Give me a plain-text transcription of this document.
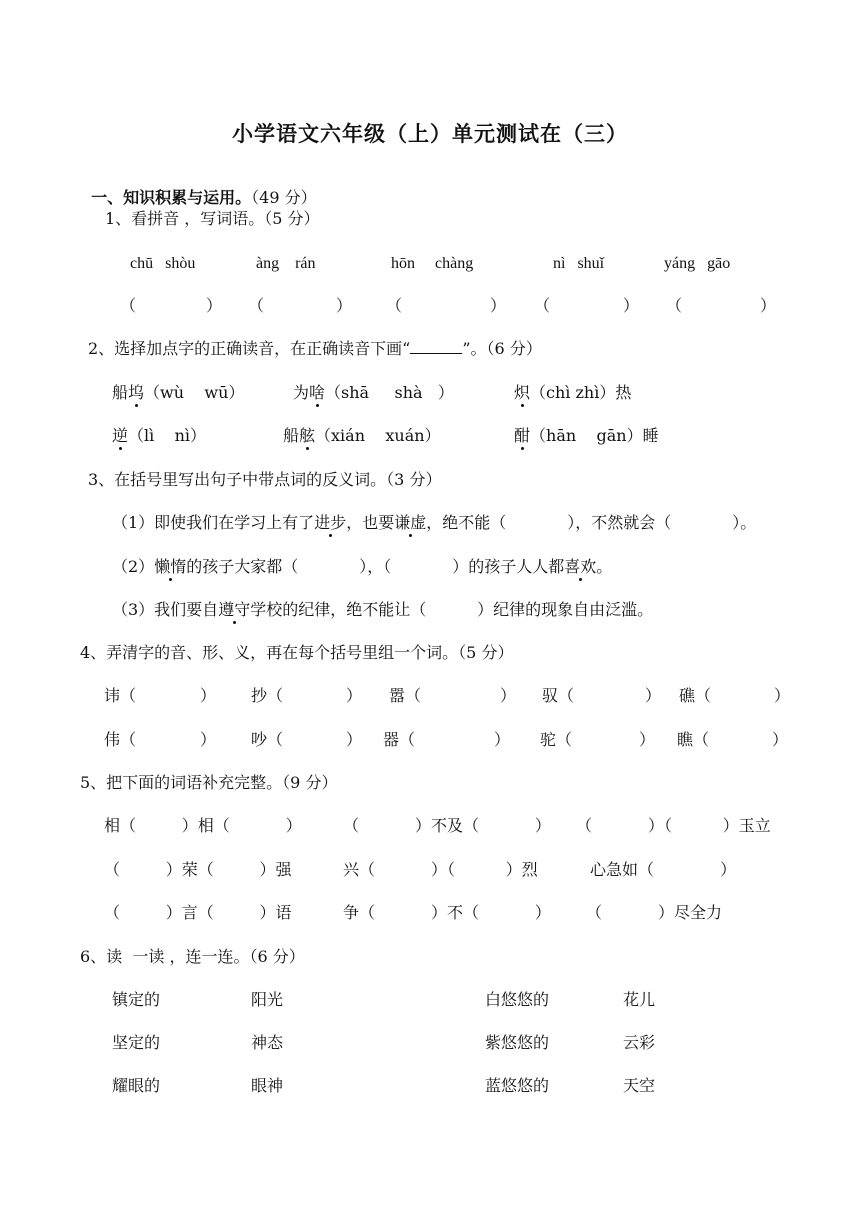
小学语文六年级（上）单元测试在（三）

一、知识积累与运用。（49 分）

1、看拼音 ，写词语。（5 分）
chū   shòu	àng    rán	hōn     chàng	nì   shuǐ	yáng   gāo
（	） （	） （	） （	） （	）
2、选择加点字的正确读音，在正确读音下画“	”。（6 分）
船坞（wù    wū）	为啥（shā     shà   ）	炽（chì zhì）热
逆（lì    nì）	船舷（xián    xuán）	酣（hān    gān）睡
3、在括号里写出句子中带点词的反义词。（3 分）
（1）即使我们在学习上有了进步，也要谦虚，绝不能（            ），不然就会（            ）。
（2）懒惰的孩子大家都（            ），（            ）的孩子人人都喜欢。
（3）我们要自遵守学校的纪律，绝不能让（          ）纪律的现象自由泛滥。
4、弄清字的音、形、义，再在每个括号里组一个词。（5 分）
讳（	） 抄（	） 嚣（	） 驭（	） 礁（	）
伟（	） 吵（	） 器（	） 驼（	） 瞧（	）
5、把下面的词语补充完整。（9 分）
相（         ）相（           ）	（           ）不及（           ） （           ）（          ）玉立
（         ）荣（         ）强	兴（           ）（          ）烈	心急如（             ）
（         ）言（         ）语	争（           ）不（           ） （           ）尽全力
6、读  一读 ，连一连。（6 分）
镇定的	阳光	白悠悠的	花儿
坚定的	神态	紫悠悠的	云彩
耀眼的	眼神	蓝悠悠的	天空
